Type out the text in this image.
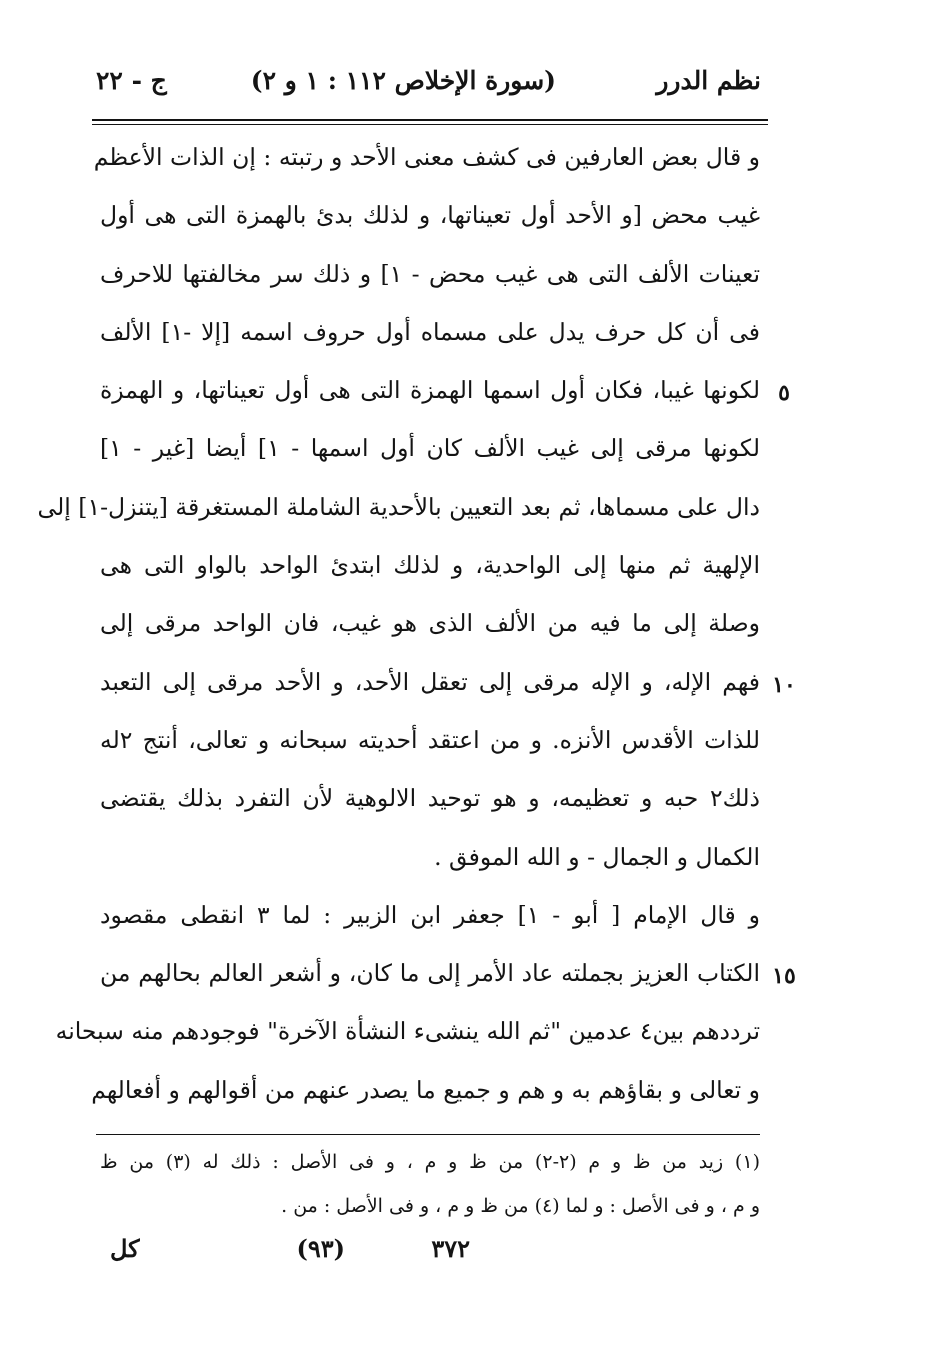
نظم الدرر
(سورة الإخلاص ١١٢ : ١ و ٢)
ج - ٢٢
و قال بعض العارفين فى كشف معنى الأحد و رتبته : إن الذات الأعظم
غيب محض [و الأحد أول تعيناتها، و لذلك بدئ بالهمزة التى هى أول
تعينات الألف التى هى غيب محض - ١] و ذلك سر مخالفتها للاحرف
فى أن كل حرف يدل على مسماه أول حروف اسمه [إلا -١] الألف
لكونها غيبا، فكان أول اسمها الهمزة التى هى أول تعيناتها، و الهمزة
لكونها مرقى إلى غيب الألف كان أول اسمها - ١] أيضا [غير - ١]
دال على مسماها، ثم بعد التعيين بالأحدية الشاملة المستغرقة [يتنزل-١] إلى
الإلهية ثم منها إلى الواحدية، و لذلك ابتدئ الواحد بالواو التى هى
وصلة إلى ما فيه من الألف الذى هو غيب، فان الواحد مرقى إلى
فهم الإله، و الإله مرقى إلى تعقل الأحد، و الأحد مرقى إلى التعبد
للذات الأقدس الأنزه. و من اعتقد أحديته سبحانه و تعالى، أنتج ٢له
ذلك٢ حبه و تعظيمه، و هو توحيد الالوهية لأن التفرد بذلك يقتضى
الكمال و الجمال - و الله الموفق .
و قال الإمام [ أبو - ١] جعفر ابن الزبير : لما ٣ انقطى مقصود
الكتاب العزيز بجملته عاد الأمر إلى ما كان، و أشعر العالم بحالهم من
ترددهم بين٤ عدمين "ثم الله ينشىء النشأة الآخرة" فوجودهم منه سبحانه
و تعالى و بقاؤهم به و هم و جميع ما يصدر عنهم من أقوالهم و أفعالهم
٥
١٠
١٥
(١) زيد من ظ و م (٢-٢) من ظ و م ، و فى الأصل : ذلك له (٣) من ظ
و م ، و فى الأصل : و لما (٤) من ظ و م ، و فى الأصل : من .
٣٧٢
(٩٣)
كل
